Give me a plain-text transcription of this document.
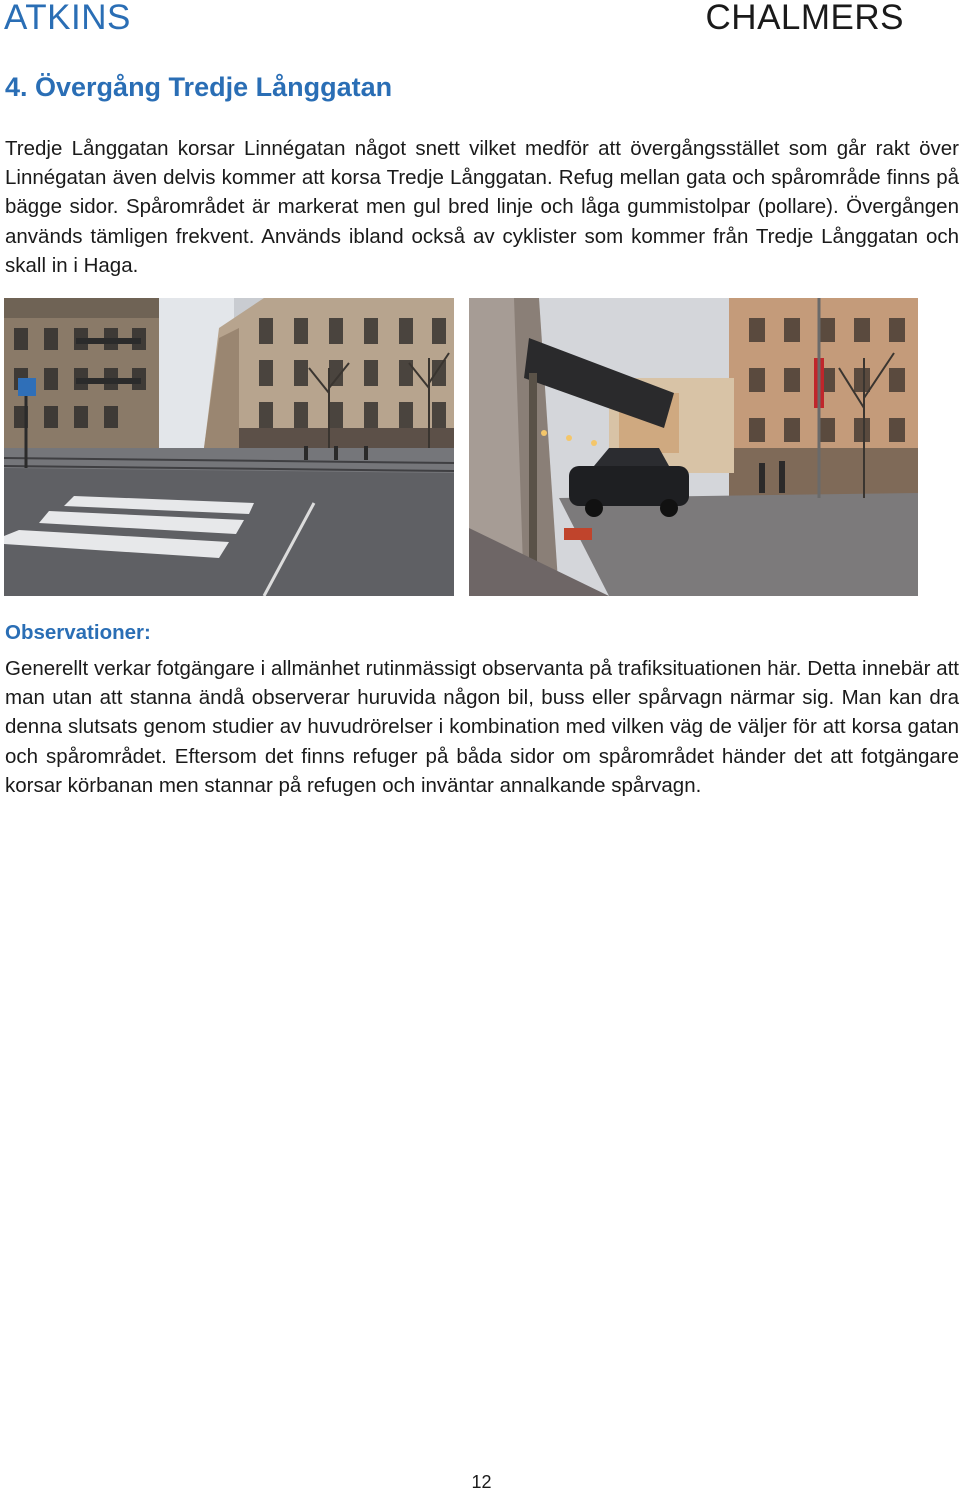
ATKINS	CHALMERS
4. Övergång Tredje Långgatan

Tredje Långgatan korsar Linnégatan något snett vilket medför att övergångsstället som går rakt över Linnégatan även delvis kommer att korsa Tredje Långgatan. Refug mellan gata och spårområde finns på bägge sidor. Spårområdet är markerat men gul bred linje och låga gummistolpar (pollare). Övergången används tämligen frekvent. Används ibland också av cyklister som kommer från Tredje Långgatan och skall in i Haga.

Observationer:

Generellt verkar fotgängare i allmänhet rutinmässigt observanta på trafiksituationen här. Detta innebär att man utan att stanna ändå observerar huruvida någon bil, buss eller spårvagn närmar sig. Man kan dra denna slutsats genom studier av huvudrörelser i kombination med vilken väg de väljer för att korsa gatan och spårområdet. Eftersom det finns refuger på båda sidor om spårområdet händer det att fotgängare korsar körbanan men stannar på refugen och inväntar annalkande spårvagn.

12
